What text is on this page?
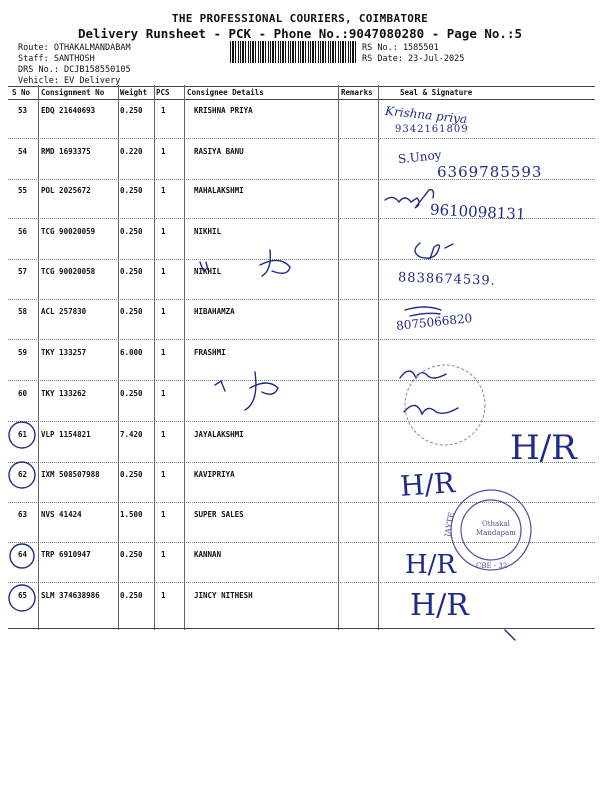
THE PROFESSIONAL COURIERS, COIMBATORE
Delivery Runsheet - PCK - Phone No.:9047080280 - Page No.:5
Route: OTHAKALMANDABAM
Staff: SANTHOSH
DRS No.: DCJB158550105
Vehicle: EV Delivery
RS No.: 1585501
RS Date: 23-Jul-2025
S No Consignment No Weight PCS Consignee Details	Remarks	Seal & Signature
53 EDQ 21640693	0.250 1	KRISHNA PRIYA
54 RMD 1693375	0.220 1	RASIYA BANU
55 POL 2025672	0.250 1	MAHALAKSHMI
56 TCG 90020059	0.250 1	NIKHIL
57 TCG 90020058	0.250 1	NIKHIL
58 ACL 257830	0.250 1	HIBAHAMZA
59 TKY 133257	6.000 1	FRASHMI
60 TKY 133262	0.250 1
61 VLP 1154821	7.420 1	JAYALAKSHMI
62 IXM 508507988	0.250 1	KAVIPRIYA
63 NVS 41424	1.500 1	SUPER SALES
64 TRP 6910947	0.250 1	KANNAN
65 SLM 374638986	0.250 1	JINCY NITHESH
Krishna priya
9342161809
S.Unoy
6369785593
9610098131
8838674539.
8075066820
H/R
H/R
H/R
H/R
Othakal
Mandapam
CBE - 32
JAYTE
